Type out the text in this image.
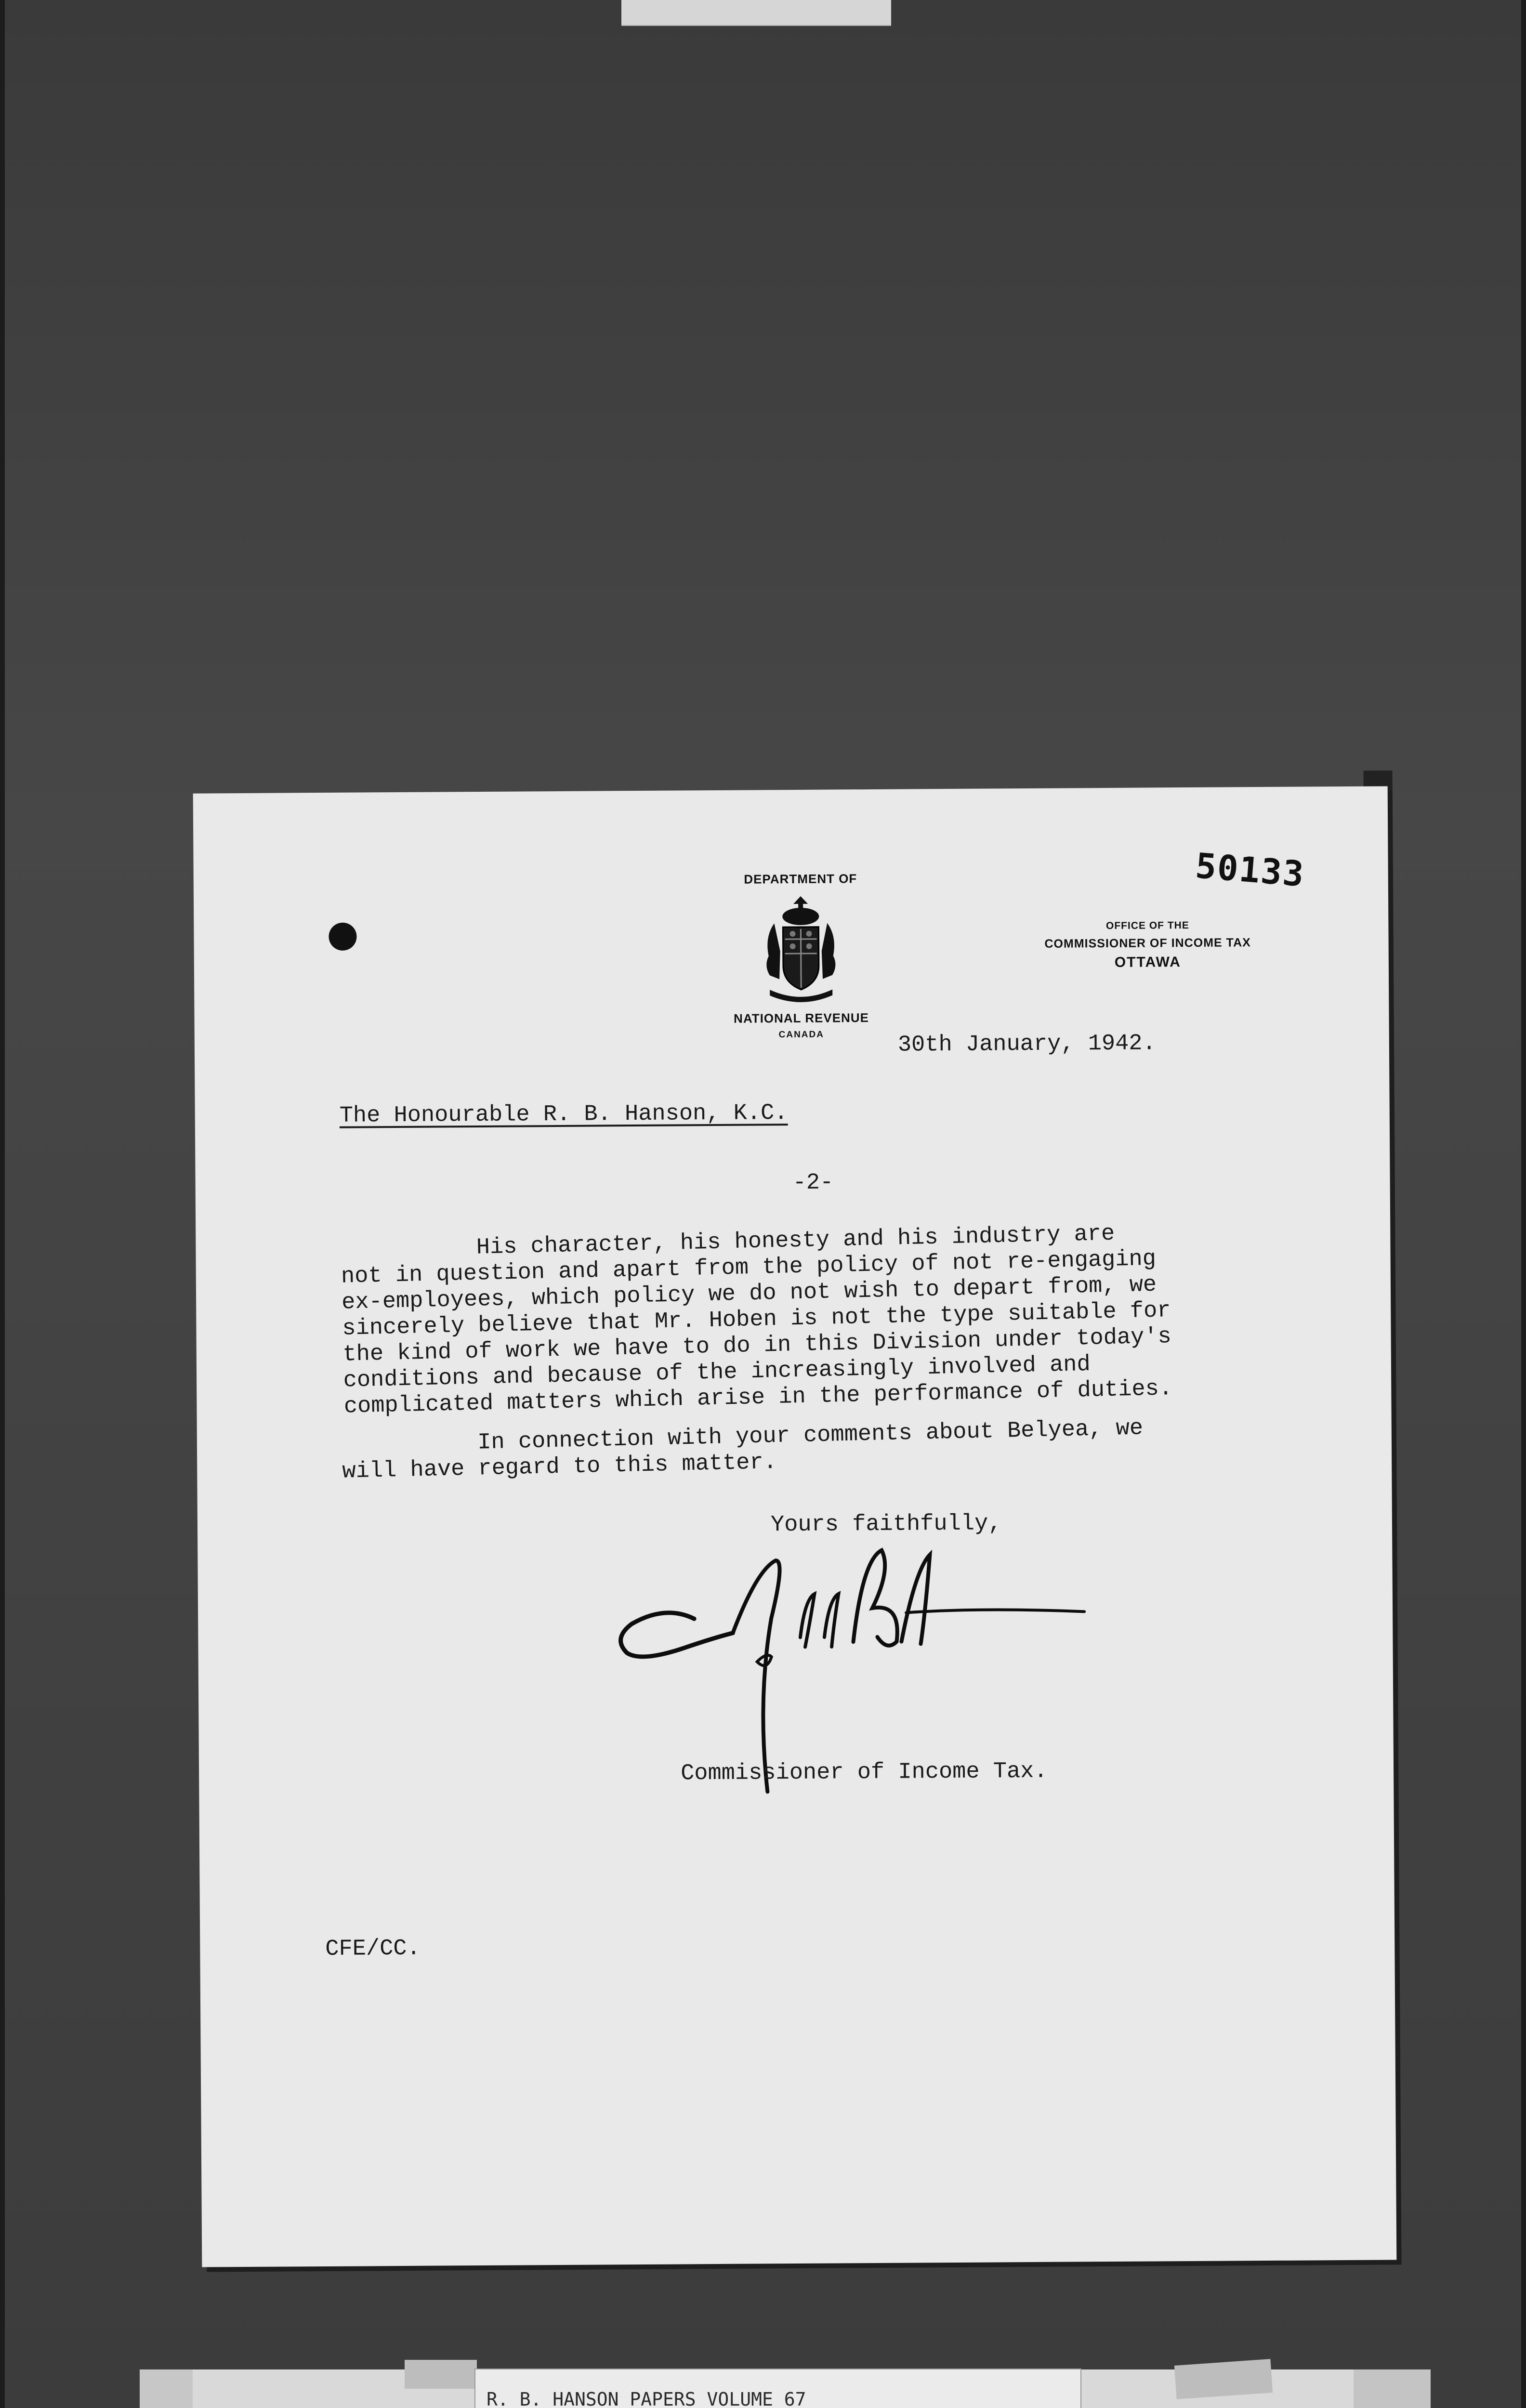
50133
DEPARTMENT OF
NATIONAL REVENUE
CANADA
OFFICE OF THE
COMMISSIONER OF INCOME TAX
OTTAWA
30th January, 1942.
The Honourable R. B. Hanson, K.C.
-2-
His character, his honesty and his industry are
not in question and apart from the policy of not re-engaging
ex-employees, which policy we do not wish to depart from, we
sincerely believe that Mr. Hoben is not the type suitable for
the kind of work we have to do in this Division under today's
conditions and because of the increasingly involved and
complicated matters which arise in the performance of duties.
In connection with your comments about Belyea, we
will have regard to this matter.
Yours faithfully,
Commissioner of Income Tax.
CFE/CC.
R. B. HANSON PAPERS VOLUME 67
